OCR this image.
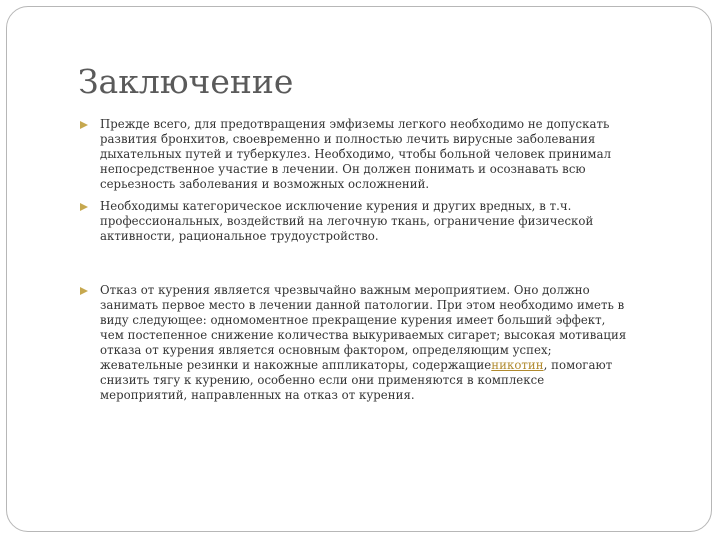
Заключение
Прежде всего, для предотвращения эмфиземы легкого необходимо не допускать
развития бронхитов, своевременно и полностью лечить вирусные заболевания
дыхательных путей и туберкулез. Необходимо, чтобы больной человек принимал
непосредственное участие в лечении. Он должен понимать и осознавать всю
серьезность заболевания и возможных осложнений.
Необходимы категорическое исключение курения и других вредных, в т.ч.
профессиональных, воздействий на легочную ткань, ограничение физической
активности, рациональное трудоустройство.
Отказ от курения является чрезвычайно важным мероприятием. Оно должно
занимать первое место в лечении данной патологии. При этом необходимо иметь в
виду следующее: одномоментное прекращение курения имеет больший эффект,
чем постепенное снижение количества выкуриваемых сигарет; высокая мотивация
отказа от курения является основным фактором, определяющим успех;
жевательные резинки и накожные аппликаторы, содержащиеникотин, помогают
снизить тягу к курению, особенно если они применяются в комплексе
мероприятий, направленных на отказ от курения.
